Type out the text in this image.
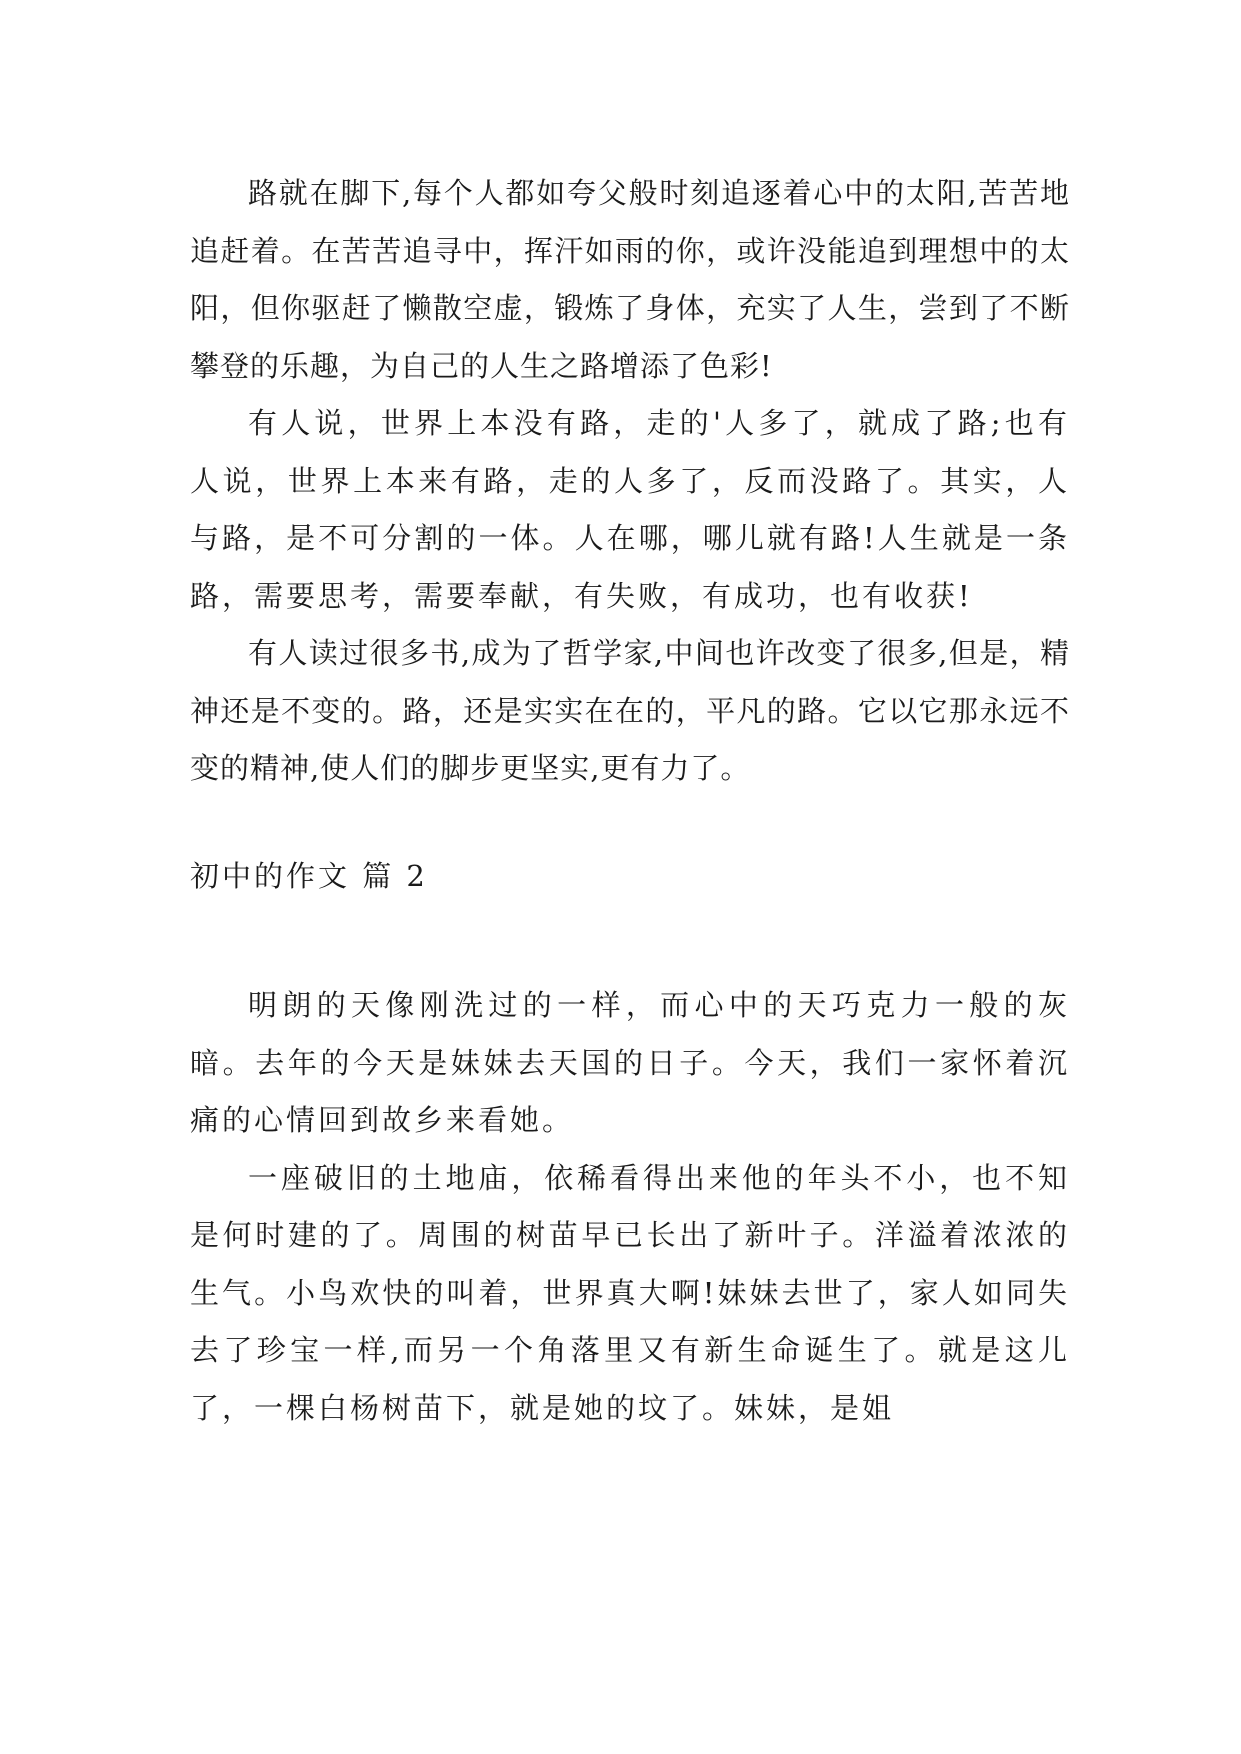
路就在脚下,每个人都如夸父般时刻追逐着心中的太阳,苦苦地追赶着。在苦苦追寻中，挥汗如雨的你，或许没能追到理想中的太阳，但你驱赶了懒散空虚，锻炼了身体，充实了人生，尝到了不断攀登的乐趣，为自己的人生之路增添了色彩!

有人说，世界上本没有路，走的'人多了，就成了路;也有人说，世界上本来有路，走的人多了，反而没路了。其实，人与路，是不可分割的一体。人在哪，哪儿就有路!人生就是一条路，需要思考，需要奉献，有失败，有成功，也有收获!

有人读过很多书,成为了哲学家,中间也许改变了很多,但是，精神还是不变的。路，还是实实在在的，平凡的路。它以它那永远不变的精神,使人们的脚步更坚实,更有力了。

初中的作文 篇 2

明朗的天像刚洗过的一样，而心中的天巧克力一般的灰暗。去年的今天是妹妹去天国的日子。今天，我们一家怀着沉痛的心情回到故乡来看她。

一座破旧的土地庙，依稀看得出来他的年头不小，也不知是何时建的了。周围的树苗早已长出了新叶子。洋溢着浓浓的生气。小鸟欢快的叫着，世界真大啊!妹妹去世了，家人如同失去了珍宝一样,而另一个角落里又有新生命诞生了。就是这儿了，一棵白杨树苗下，就是她的坟了。妹妹，是姐
